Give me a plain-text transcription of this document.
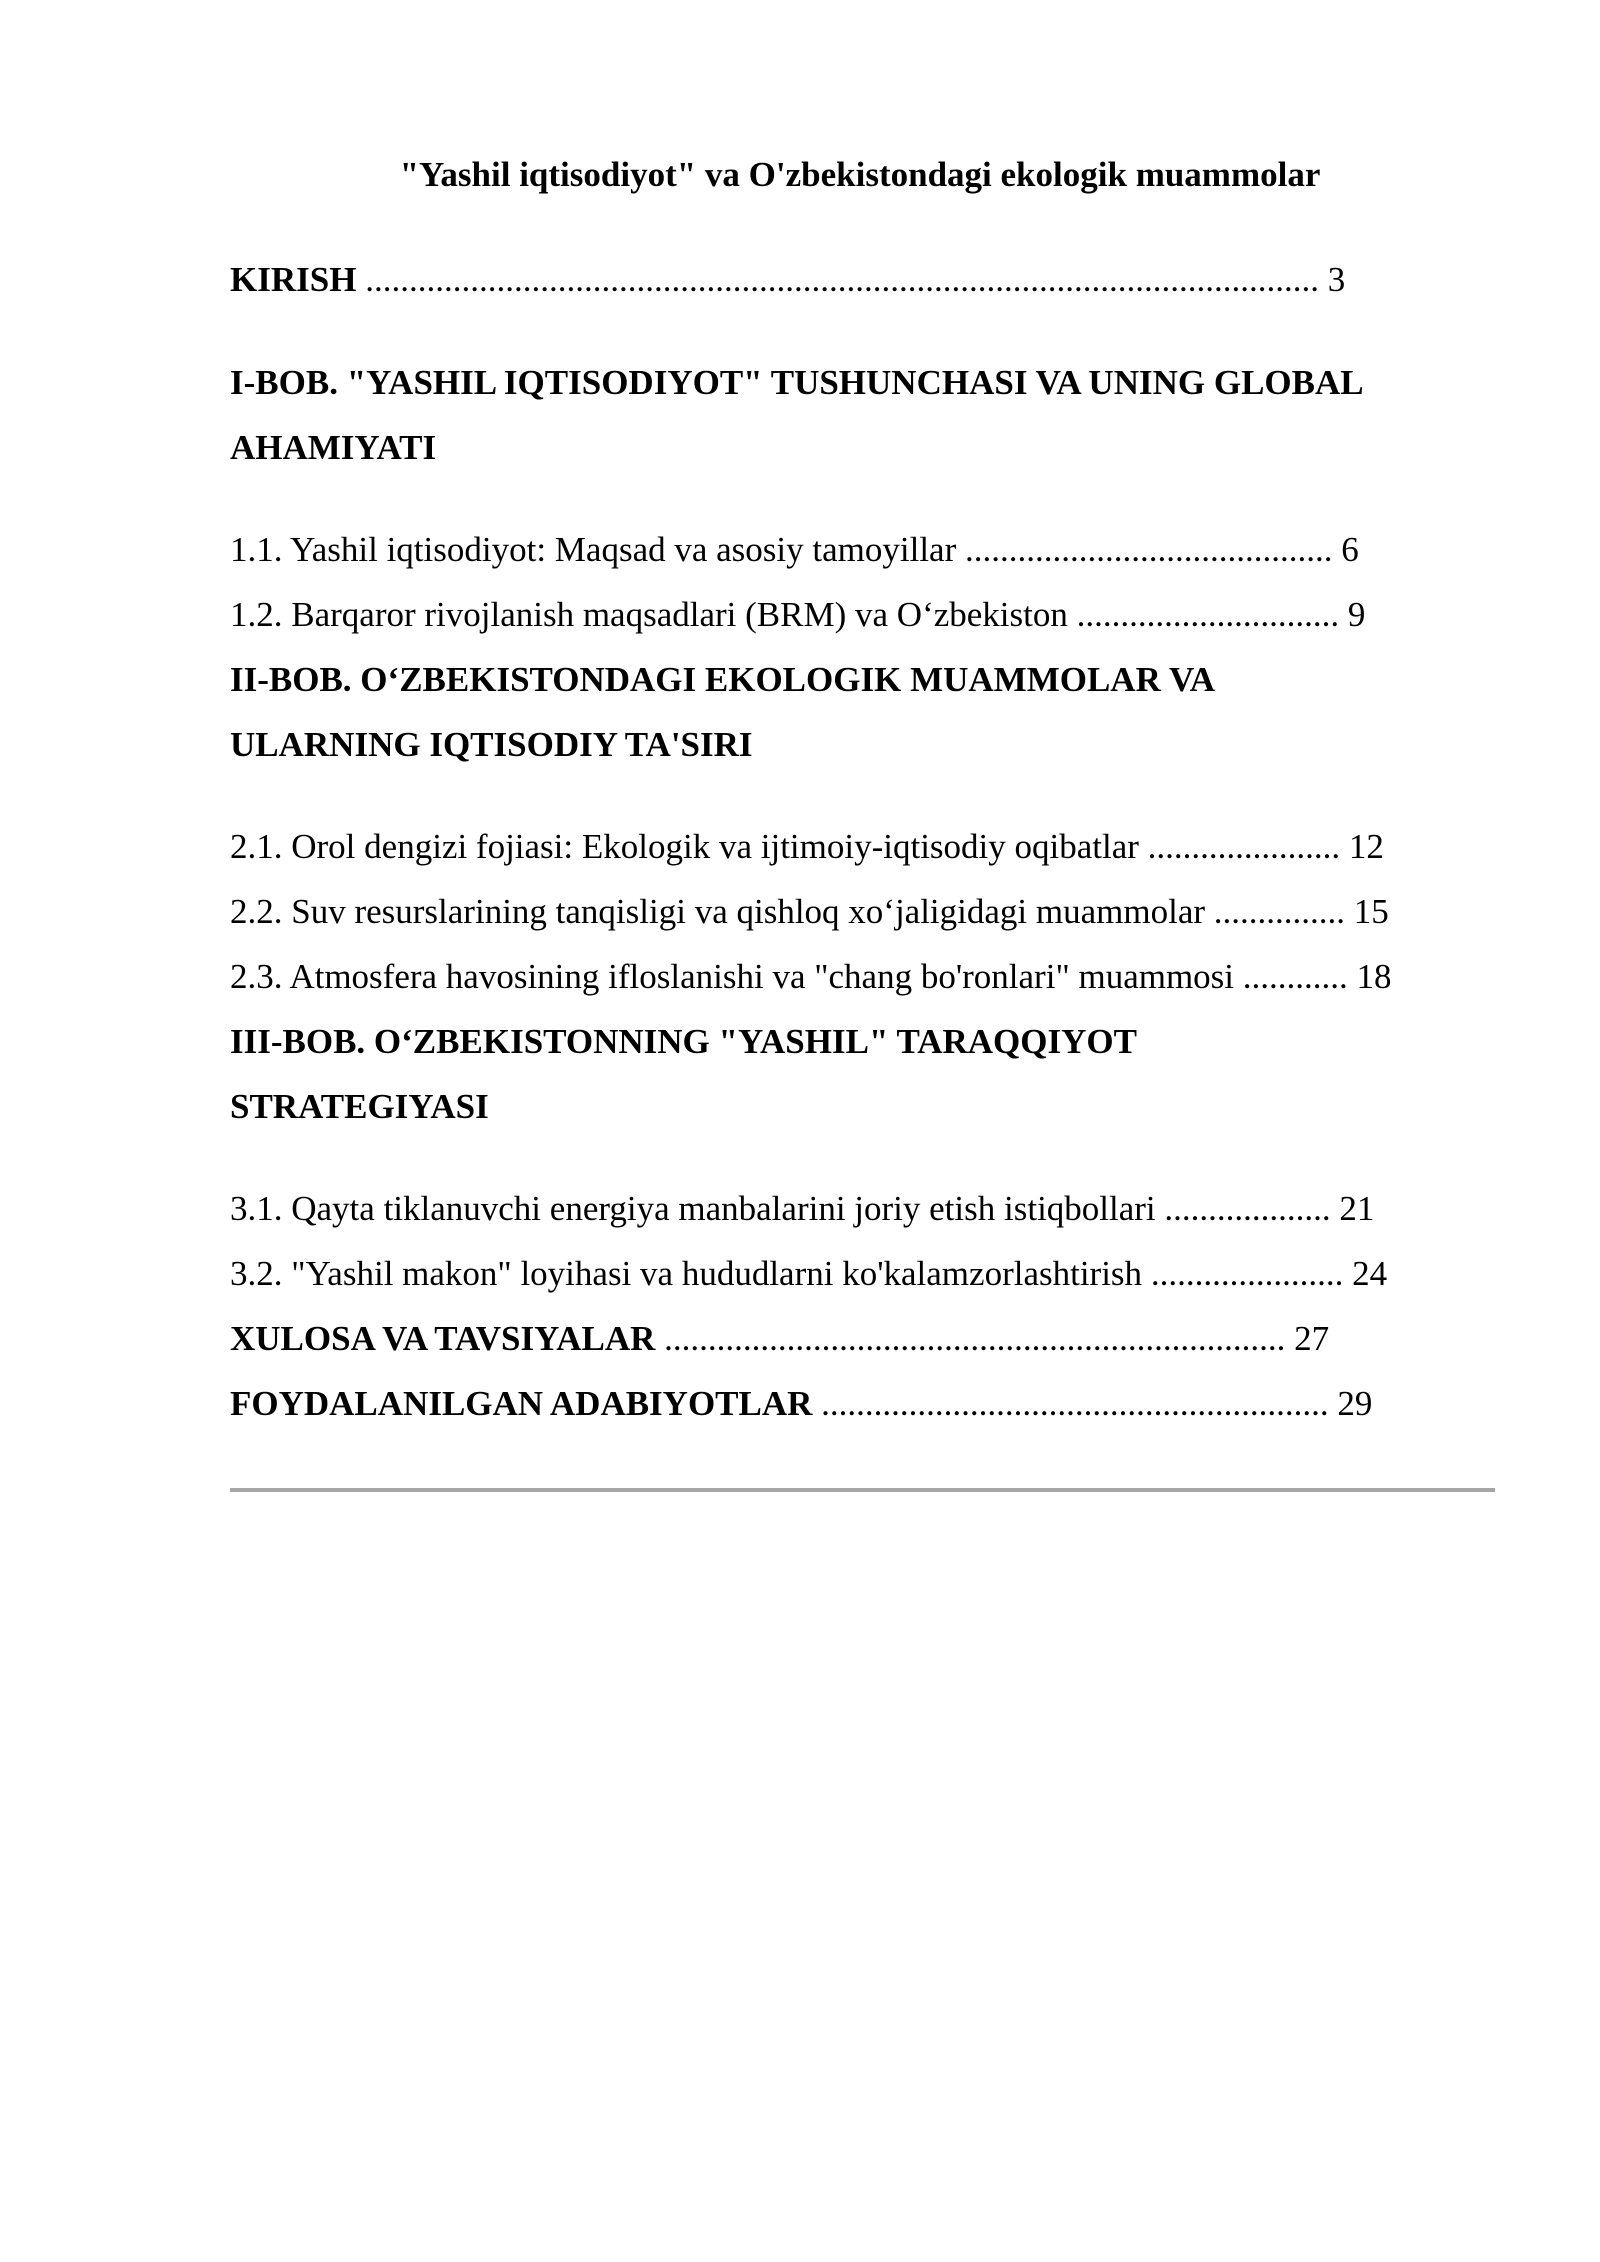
"Yashil iqtisodiyot" va O'zbekistondagi ekologik muammolar
KIRISH ............................................................................................................. 3
I-BOB. "YASHIL IQTISODIYOT" TUSHUNCHASI VA UNING GLOBAL
AHAMIYATI
1.1. Yashil iqtisodiyot: Maqsad va asosiy tamoyillar .......................................... 6
1.2. Barqaror rivojlanish maqsadlari (BRM) va O‘zbekiston .............................. 9
II-BOB. O‘ZBEKISTONDAGI EKOLOGIK MUAMMOLAR VA
ULARNING IQTISODIY TA'SIRI
2.1. Orol dengizi fojiasi: Ekologik va ijtimoiy-iqtisodiy oqibatlar ...................... 12
2.2. Suv resurslarining tanqisligi va qishloq xo‘jaligidagi muammolar ............... 15
2.3. Atmosfera havosining ifloslanishi va "chang bo'ronlari" muammosi ............ 18
III-BOB. O‘ZBEKISTONNING "YASHIL" TARAQQIYOT
STRATEGIYASI
3.1. Qayta tiklanuvchi energiya manbalarini joriy etish istiqbollari ................... 21
3.2. "Yashil makon" loyihasi va hududlarni ko'kalamzorlashtirish ...................... 24
XULOSA VA TAVSIYALAR ....................................................................... 27
FOYDALANILGAN ADABIYOTLAR .......................................................... 29
